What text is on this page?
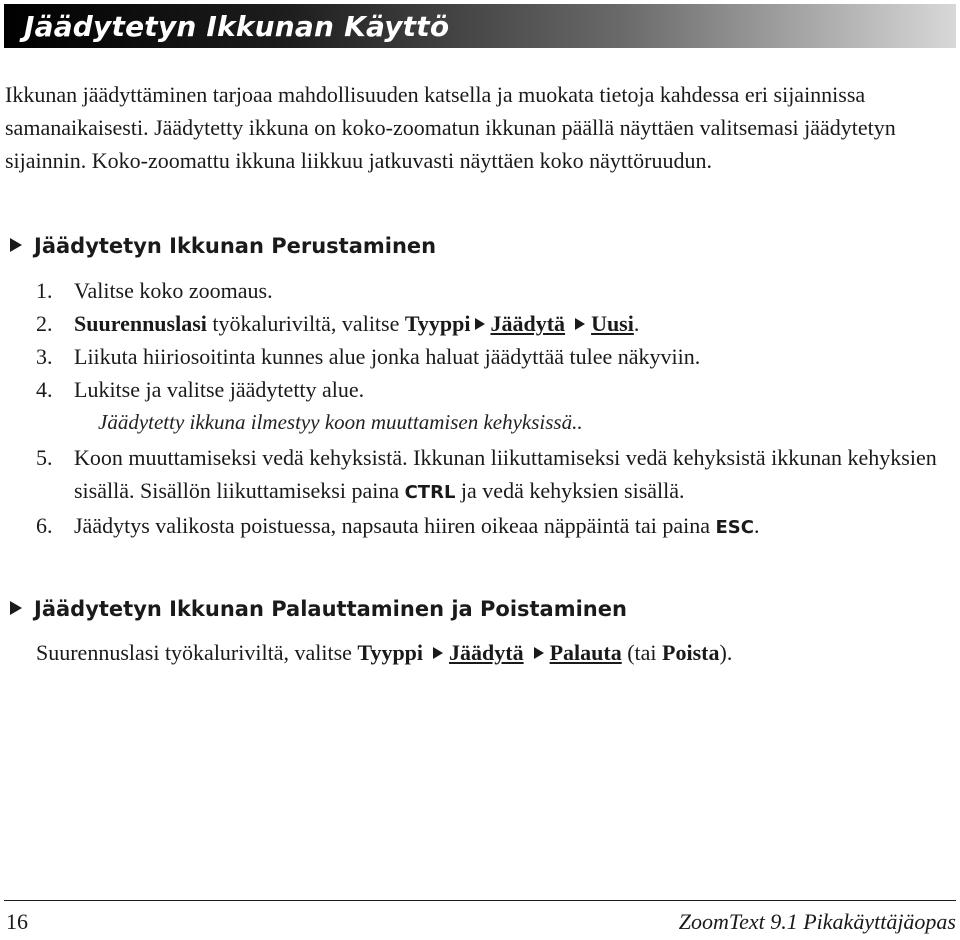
Jäädytetyn Ikkunan Käyttö

Ikkunan jäädyttäminen tarjoaa mahdollisuuden katsella ja muokata tietoja kahdessa eri sijainnissa samanaikaisesti. Jäädytetty ikkuna on koko-zoomatun ikkunan päällä näyttäen valitsemasi jäädytetyn sijainnin. Koko-zoomattu ikkuna liikkuu jatkuvasti näyttäen koko näyttöruudun.

Jäädytetyn Ikkunan Perustaminen
1. Valitse koko zoomaus.
2. Suurennuslasi työkaluriviltä, valitse Tyyppi Jäädytä Uusi.
3. Liikuta hiiriosoitinta kunnes alue jonka haluat jäädyttää tulee näkyviin.
4. Lukitse ja valitse jäädytetty alue.
Jäädytetty ikkuna ilmestyy koon muuttamisen kehyksissä..
5. Koon muuttamiseksi vedä kehyksistä. Ikkunan liikuttamiseksi vedä kehyksistä ikkunan kehyksien sisällä. Sisällön liikuttamiseksi paina CTRL ja vedä kehyksien sisällä.
6. Jäädytys valikosta poistuessa, napsauta hiiren oikeaa näppäintä tai paina ESC.
Jäädytetyn Ikkunan Palauttaminen ja Poistaminen
Suurennuslasi työkaluriviltä, valitse Tyyppi Jäädytä Palauta (tai Poista).
16	ZoomText 9.1 Pikakäyttäjäopas
